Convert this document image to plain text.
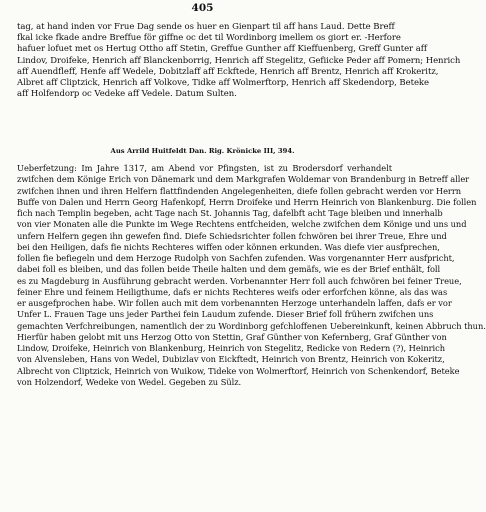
405
tag, at hand inden vor Frue Dag sende os huer en Gienpart til aff hans Laud. Dette Breff
fkal icke fkade andre Breffue för giffne oc det til Wordinborg imellem os giort er. -Herfore
hafuer lofuet met os Hertug Ottho aff Stetin, Greffue Gunther aff Kieffuenberg, Greff Gunter aff
Lindov, Droifeke, Henrich aff Blanckenborrig, Henrich aff Stegelitz, Gefiicke Peder aff Pomern; Henrich
aff Auendfleff, Henfe aff Wedele, Dobitzlaff aff Eckftede, Henrich aff Brentz, Henrich aff Krokeritz,
Albret aff Cliptzick, Henrich aff Volkove, Tidke aff Wolmerftorp, Henrich aff Skedendorp, Beteke
aff Holfendorp oc Vedeke aff Vedele. Datum Sulten.
Aus Arrild Huitfeldt Dan. Rig. Krönicke III, 394.
Ueberfetzung: Im Jahre 1317, am Abend vor Pfingsten, ist zu Brodersdorf verhandelt
zwifchen dem Könige Erich von Dänemark und dem Markgrafen Woldemar von Brandenburg in Betreff aller
zwifchen ihnen und ihren Helfern flattfindenden Angelegenheiten, diefe follen gebracht werden vor Herrn
Buffe von Dalen und Herrn Georg Hafenkopf, Herrn Droifeke und Herrn Heinrich von Blankenburg. Die follen
fich nach Templin begeben, acht Tage nach St. Johannis Tag, dafelbft acht Tage bleiben und innerhalb
von vier Monaten alle die Punkte im Wege Rechtens entfcheiden, welche zwifchen dem Könige und uns und
unfern Helfern gegen ihn gewefen find. Diefe Schiedsrichter follen fchwören bei ihrer Treue, Ehre und
bei den Heiligen, dafs fie nichts Rechteres wiffen oder können erkunden. Was diefe vier ausfprechen,
follen fie befiegeln und dem Herzoge Rudolph von Sachfen zufenden. Was vorgenannter Herr ausfpricht,
dabei foll es bleiben, und das follen beide Theile halten und dem gemäfs, wie es der Brief enthält, foll
es zu Magdeburg in Ausführung gebracht werden. Vorbenannter Herr foll auch fchwören bei feiner Treue,
feiner Ehre und feinem Heiligthume, dafs er nichts Rechteres weifs oder erforfchen könne, als das was
er ausgefprochen habe. Wir follen auch mit dem vorbenannten Herzoge unterhandeln laffen, dafs er vor
Unfer L. Frauen Tage uns jeder Parthei fein Laudum zufende. Dieser Brief foll frühern zwifchen uns
gemachten Verfchreibungen, namentlich der zu Wordinborg gefchloffenen Uebereinkunft, keinen Abbruch thun.
Hierfür haben gelobt mit uns Herzog Otto von Stettin, Graf Günther von Kefernberg, Graf Günther von
Lindow, Droifeke, Heinrich von Blankenburg, Heinrich von Stegelitz, Redicke von Redern (?), Heinrich
von Alvensleben, Hans von Wedel, Dubizlav von Eickftedt, Heinrich von Brentz, Heinrich von Kokeritz,
Albrecht von Cliptzick, Heinrich von Wuikow, Tideke von Wolmerftorf, Heinrich von Schenkendorf, Beteke
von Holzendorf, Wedeke von Wedel. Gegeben zu Sülz.
